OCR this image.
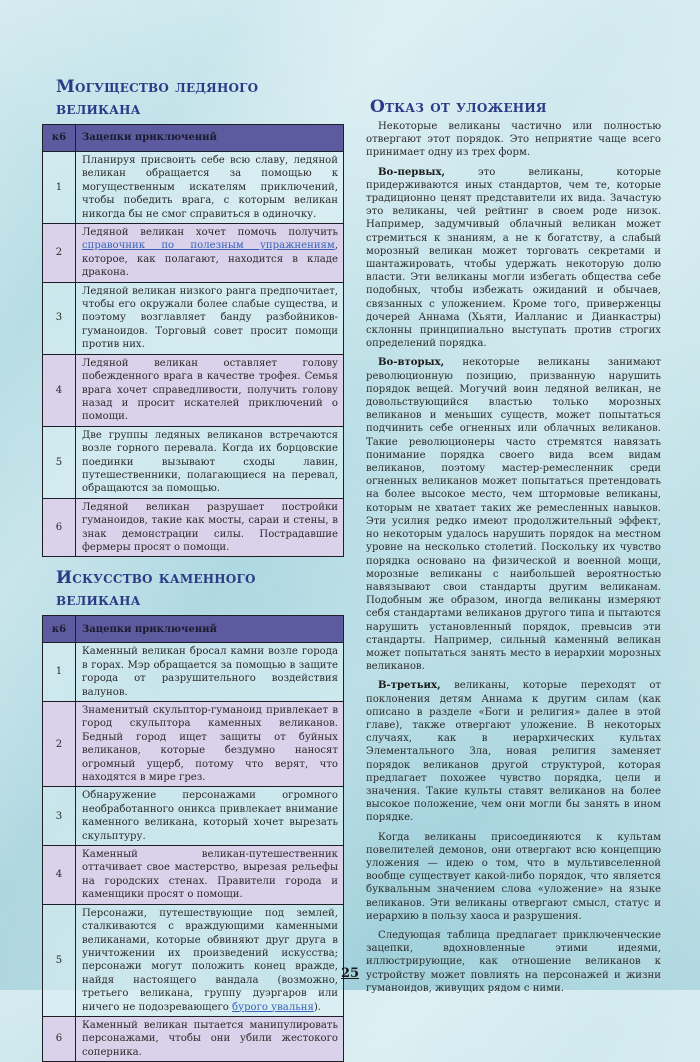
Могущество ледяного великана
к6	Зацепки приключений
1	Планируя присвоить себе всю славу, ледяной великан обращается за помощью к могущественным искателям приключений, чтобы победить врага, с которым великан никогда бы не смог справиться в одиночку.
2	Ледяной великан хочет помочь получить справочник по полезным упражнениям, которое, как полагают, находится в кладе дракона.
3	Ледяной великан низкого ранга предпочитает, чтобы его окружали более слабые существа, и поэтому возглавляет банду разбойников-гуманоидов. Торговый совет просит помощи против них.
4	Ледяной великан оставляет голову побежденного врага в качестве трофея. Семья врага хочет справедливости, получить голову назад и просит искателей приключений о помощи.
5	Две группы ледяных великанов встречаются возле горного перевала. Когда их борцовские поединки вызывают сходы лавин, путешественники, полагающиеся на перевал, обращаются за помощью.
6	Ледяной великан разрушает постройки гуманоидов, такие как мосты, сараи и стены, в знак демонстрации силы. Пострадавшие фермеры просят о помощи.
Искусство каменного великана
к6	Зацепки приключений
1	Каменный великан бросал камни возле города в горах. Мэр обращается за помощью в защите города от разрушительного воздействия валунов.
2	Знаменитый скульптор-гуманоид привлекает в город скульптора каменных великанов. Бедный город ищет защиты от буйных великанов, которые бездумно наносят огромный ущерб, потому что верят, что находятся в мире грез.
3	Обнаружение персонажами огромного необработанного оникса привлекает внимание каменного великана, который хочет вырезать скульптуру.
4	Каменный великан-путешественник оттачивает свое мастерство, вырезая рельефы на городских стенах. Правители города и каменщики просят о помощи.
5	Персонажи, путешествующие под землей, сталкиваются с враждующими каменными великанами, которые обвиняют друг друга в уничтожении их произведений искусства; персонажи могут положить конец вражде, найдя настоящего вандала (возможно, третьего великана, группу дуэргаров или ничего не подозревающего бурого увальня).
6	Каменный великан пытается манипулировать персонажами, чтобы они убили жестокого соперника.
Отказ от уложения

Некоторые великаны частично или полностью отвергают этот порядок. Это неприятие чаще всего принимает одну из трех форм.

Во-первых, это великаны, которые придерживаются иных стандартов, чем те, которые традиционно ценят представители их вида. Зачастую это великаны, чей рейтинг в своем роде низок. Например, задумчивый облачный великан может стремиться к знаниям, а не к богатству, а слабый морозный великан может торговать секретами и шантажировать, чтобы удержать некоторую долю власти. Эти великаны могли избегать общества себе подобных, чтобы избежать ожиданий и обычаев, связанных с уложением. Кроме того, приверженцы дочерей Аннама (Хьяти, Иалланис и Дианкастры) склонны принципиально выступать против строгих определений порядка.

Во-вторых, некоторые великаны занимают революционную позицию, призванную нарушить порядок вещей. Могучий воин ледяной великан, не довольствующийся властью только морозных великанов и меньших существ, может попытаться подчинить себе огненных или облачных великанов. Такие революционеры часто стремятся навязать понимание порядка своего вида всем видам великанов, поэтому мастер-ремесленник среди огненных великанов может попытаться претендовать на более высокое место, чем штормовые великаны, которым не хватает таких же ремесленных навыков. Эти усилия редко имеют продолжительный эффект, но некоторым удалось нарушить порядок на местном уровне на несколько столетий. Поскольку их чувство порядка основано на физической и военной мощи, морозные великаны с наибольшей вероятностью навязывают свои стандарты другим великанам. Подобным же образом, иногда великаны измеряют себя стандартами великанов другого типа и пытаются нарушить установленный порядок, превысив эти стандарты. Например, сильный каменный великан может попытаться занять место в иерархии морозных великанов.

В-третьих, великаны, которые переходят от поклонения детям Аннама к другим силам (как описано в разделе «Боги и религия» далее в этой главе), также отвергают уложение. В некоторых случаях, как в иерархических культах Элементального Зла, новая религия заменяет порядок великанов другой структурой, которая предлагает похожее чувство порядка, цели и значения. Такие культы ставят великанов на более высокое положение, чем они могли бы занять в ином порядке.

Когда великаны присоединяются к культам повелителей демонов, они отвергают всю концепцию уложения — идею о том, что в мультивселенной вообще существует какой-либо порядок, что является буквальным значением слова «уложение» на языке великанов. Эти великаны отвергают смысл, статус и иерархию в пользу хаоса и разрушения.

Следующая таблица предлагает приключенческие зацепки, вдохновленные этими идеями, иллюстрирующие, как отношение великанов к устройству может повлиять на персонажей и жизни гуманоидов, живущих рядом с ними.

25
